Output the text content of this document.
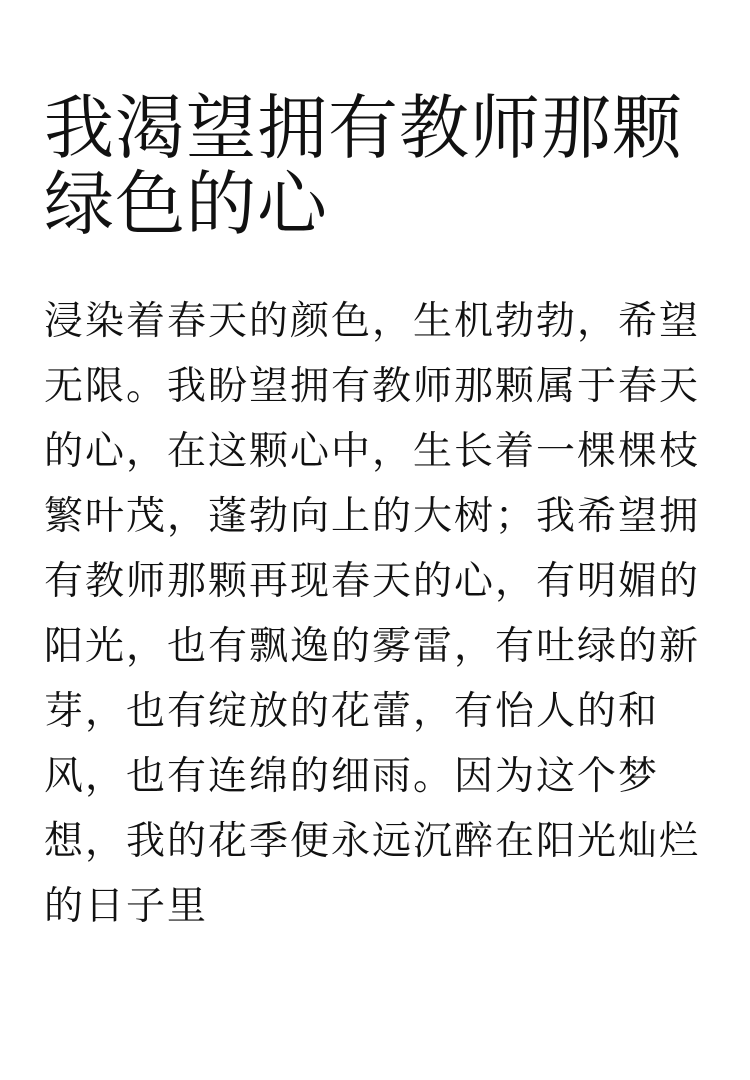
我渴望拥有教师那颗绿色的心

浸染着春天的颜色，生机勃勃，希望无限。我盼望拥有教师那颗属于春天的心，在这颗心中，生长着一棵棵枝繁叶茂，蓬勃向上的大树；我希望拥有教师那颗再现春天的心，有明媚的阳光，也有飘逸的雾雷，有吐绿的新芽，也有绽放的花蕾，有怡人的和风，也有连绵的细雨。因为这个梦想，我的花季便永远沉醉在阳光灿烂的日子里
